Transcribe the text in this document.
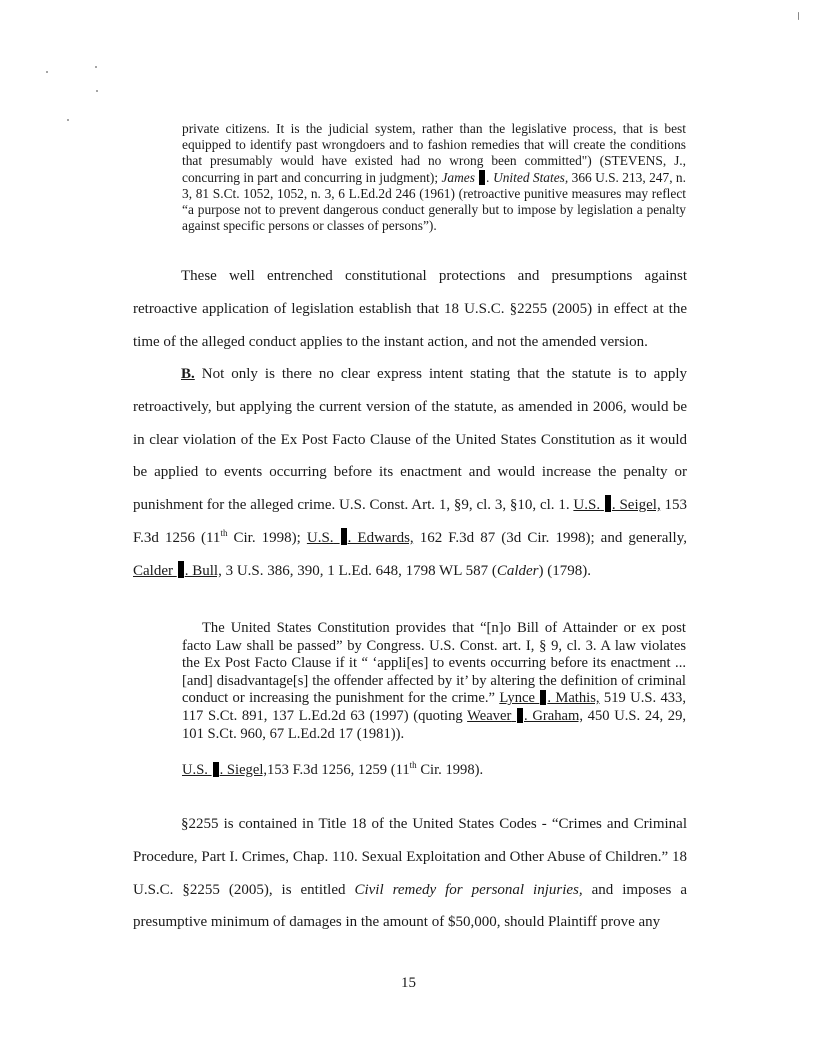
private citizens. It is the judicial system, rather than the legislative process, that is best equipped to identify past wrongdoers and to fashion remedies that will create the conditions that presumably would have existed had no wrong been committed") (STEVENS, J., concurring in part and concurring in judgment); James . United States, 366 U.S. 213, 247, n. 3, 81 S.Ct. 1052, 1052, n. 3, 6 L.Ed.2d 246 (1961) (retroactive punitive measures may reflect “a purpose not to prevent dangerous conduct generally but to impose by legislation a penalty against specific persons or classes of persons”).

These well entrenched constitutional protections and presumptions against retroactive application of legislation establish that 18 U.S.C. §2255 (2005) in effect at the time of the alleged conduct applies to the instant action, and not the amended version.

B. Not only is there no clear express intent stating that the statute is to apply retroactively, but applying the current version of the statute, as amended in 2006, would be in clear violation of the Ex Post Facto Clause of the United States Constitution as it would be applied to events occurring before its enactment and would increase the penalty or punishment for the alleged crime. U.S. Const. Art. 1, §9, cl. 3, §10, cl. 1. U.S. . Seigel, 153 F.3d 1256 (11th Cir. 1998); U.S. . Edwards, 162 F.3d 87 (3d Cir. 1998); and generally, Calder . Bull, 3 U.S. 386, 390, 1 L.Ed. 648, 1798 WL 587 (Calder) (1798).

The United States Constitution provides that “[n]o Bill of Attainder or ex post facto Law shall be passed” by Congress. U.S. Const. art. I, § 9, cl. 3. A law violates the Ex Post Facto Clause if it “ ‘appli[es] to events occurring before its enactment ... [and] disadvantage[s] the offender affected by it’ by altering the definition of criminal conduct or increasing the punishment for the crime.” Lynce . Mathis, 519 U.S. 433, 117 S.Ct. 891, 137 L.Ed.2d 63 (1997) (quoting Weaver . Graham, 450 U.S. 24, 29, 101 S.Ct. 960, 67 L.Ed.2d 17 (1981)).

U.S. . Siegel,153 F.3d 1256, 1259 (11th Cir. 1998).

§2255 is contained in Title 18 of the United States Codes - “Crimes and Criminal Procedure, Part I. Crimes, Chap. 110. Sexual Exploitation and Other Abuse of Children.” 18 U.S.C. §2255 (2005), is entitled Civil remedy for personal injuries, and imposes a presumptive minimum of damages in the amount of $50,000, should Plaintiff prove any

15
